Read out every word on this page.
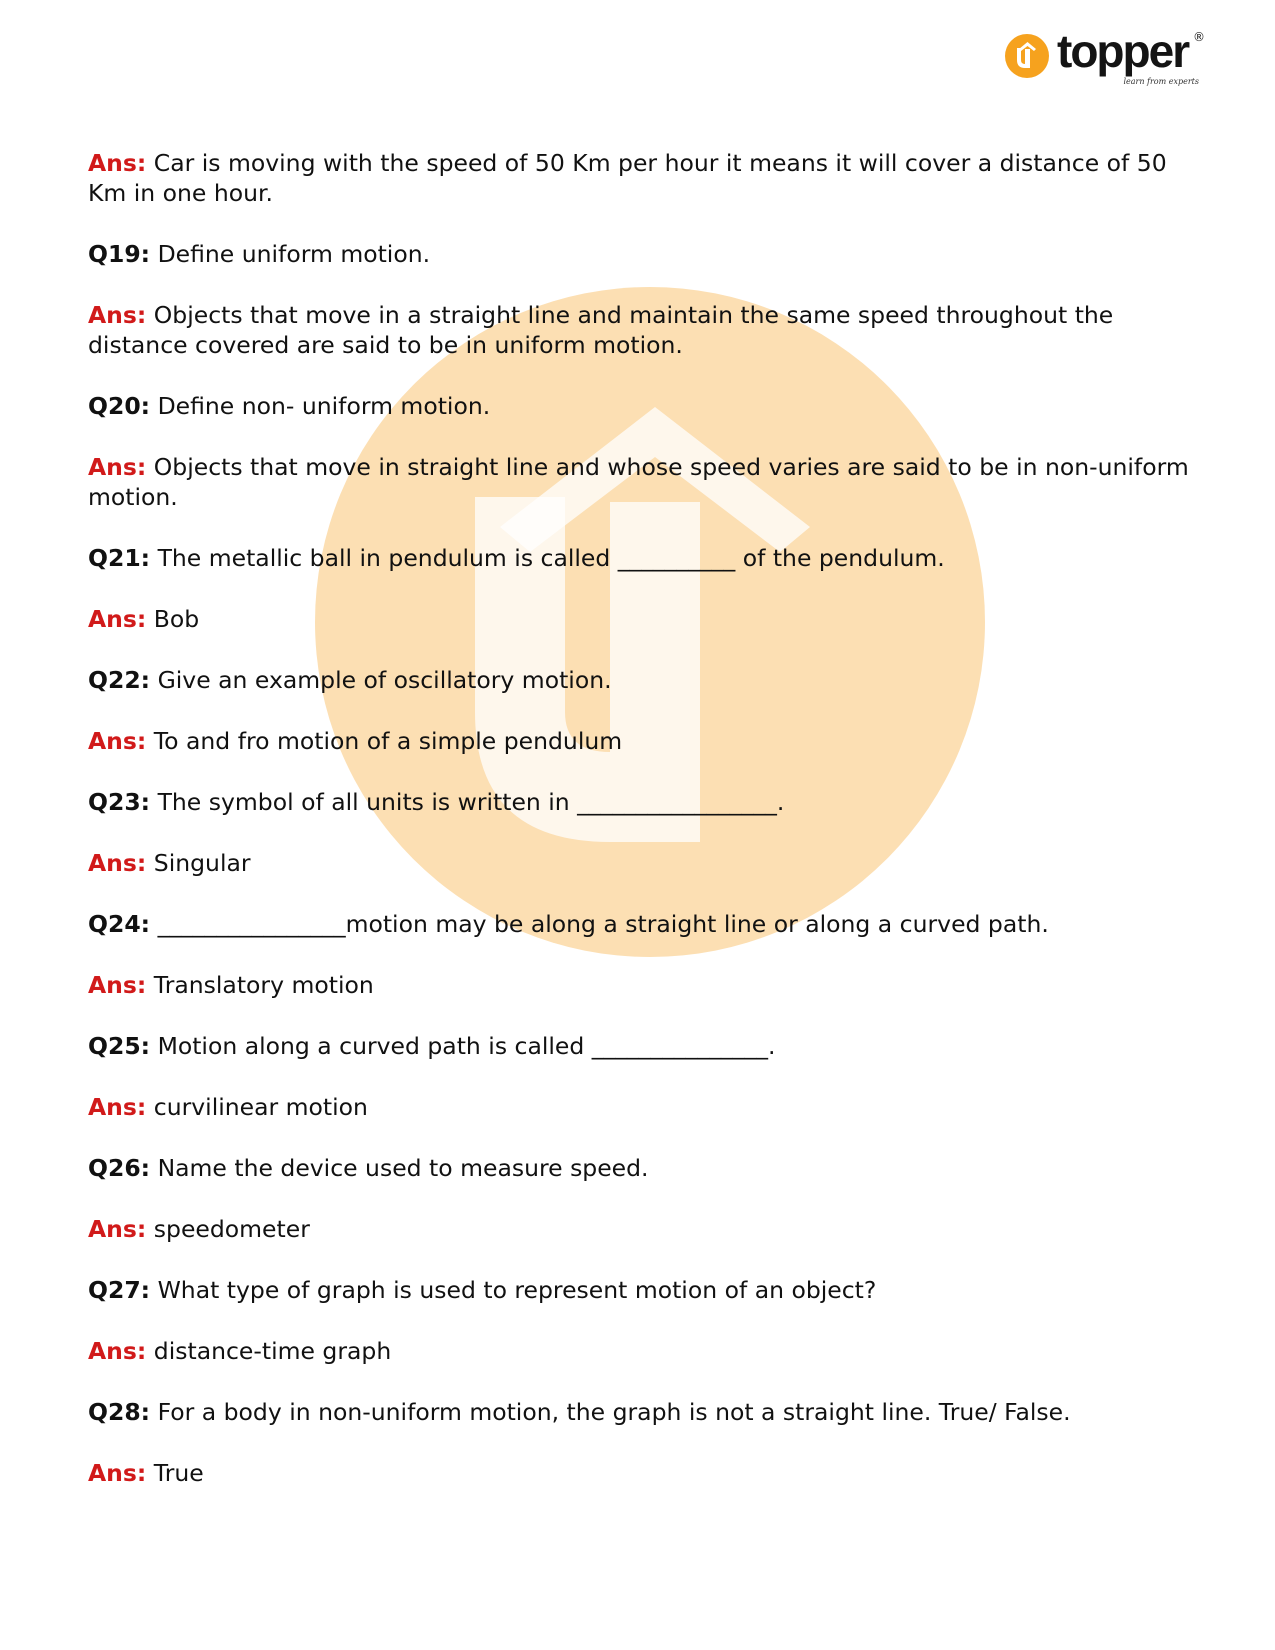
topper ®
learn from experts
Ans: Car is moving with the speed of 50 Km per hour it means it will cover a distance of 50 Km in one hour.
Q19: Define uniform motion.
Ans: Objects that move in a straight line and maintain the same speed throughout the distance covered are said to be in uniform motion.
Q20: Define non- uniform motion.
Ans: Objects that move in straight line and whose speed varies are said to be in non-uniform motion.
Q21: The metallic ball in pendulum is called __________ of the pendulum.
Ans: Bob
Q22: Give an example of oscillatory motion.
Ans: To and fro motion of a simple pendulum
Q23: The symbol of all units is written in _________________.
Ans: Singular
Q24: ________________motion may be along a straight line or along a curved path.
Ans: Translatory motion
Q25: Motion along a curved path is called _______________.
Ans: curvilinear motion
Q26: Name the device used to measure speed.
Ans: speedometer
Q27: What type of graph is used to represent motion of an object?
Ans: distance-time graph
Q28: For a body in non-uniform motion, the graph is not a straight line. True/ False.
Ans: True
